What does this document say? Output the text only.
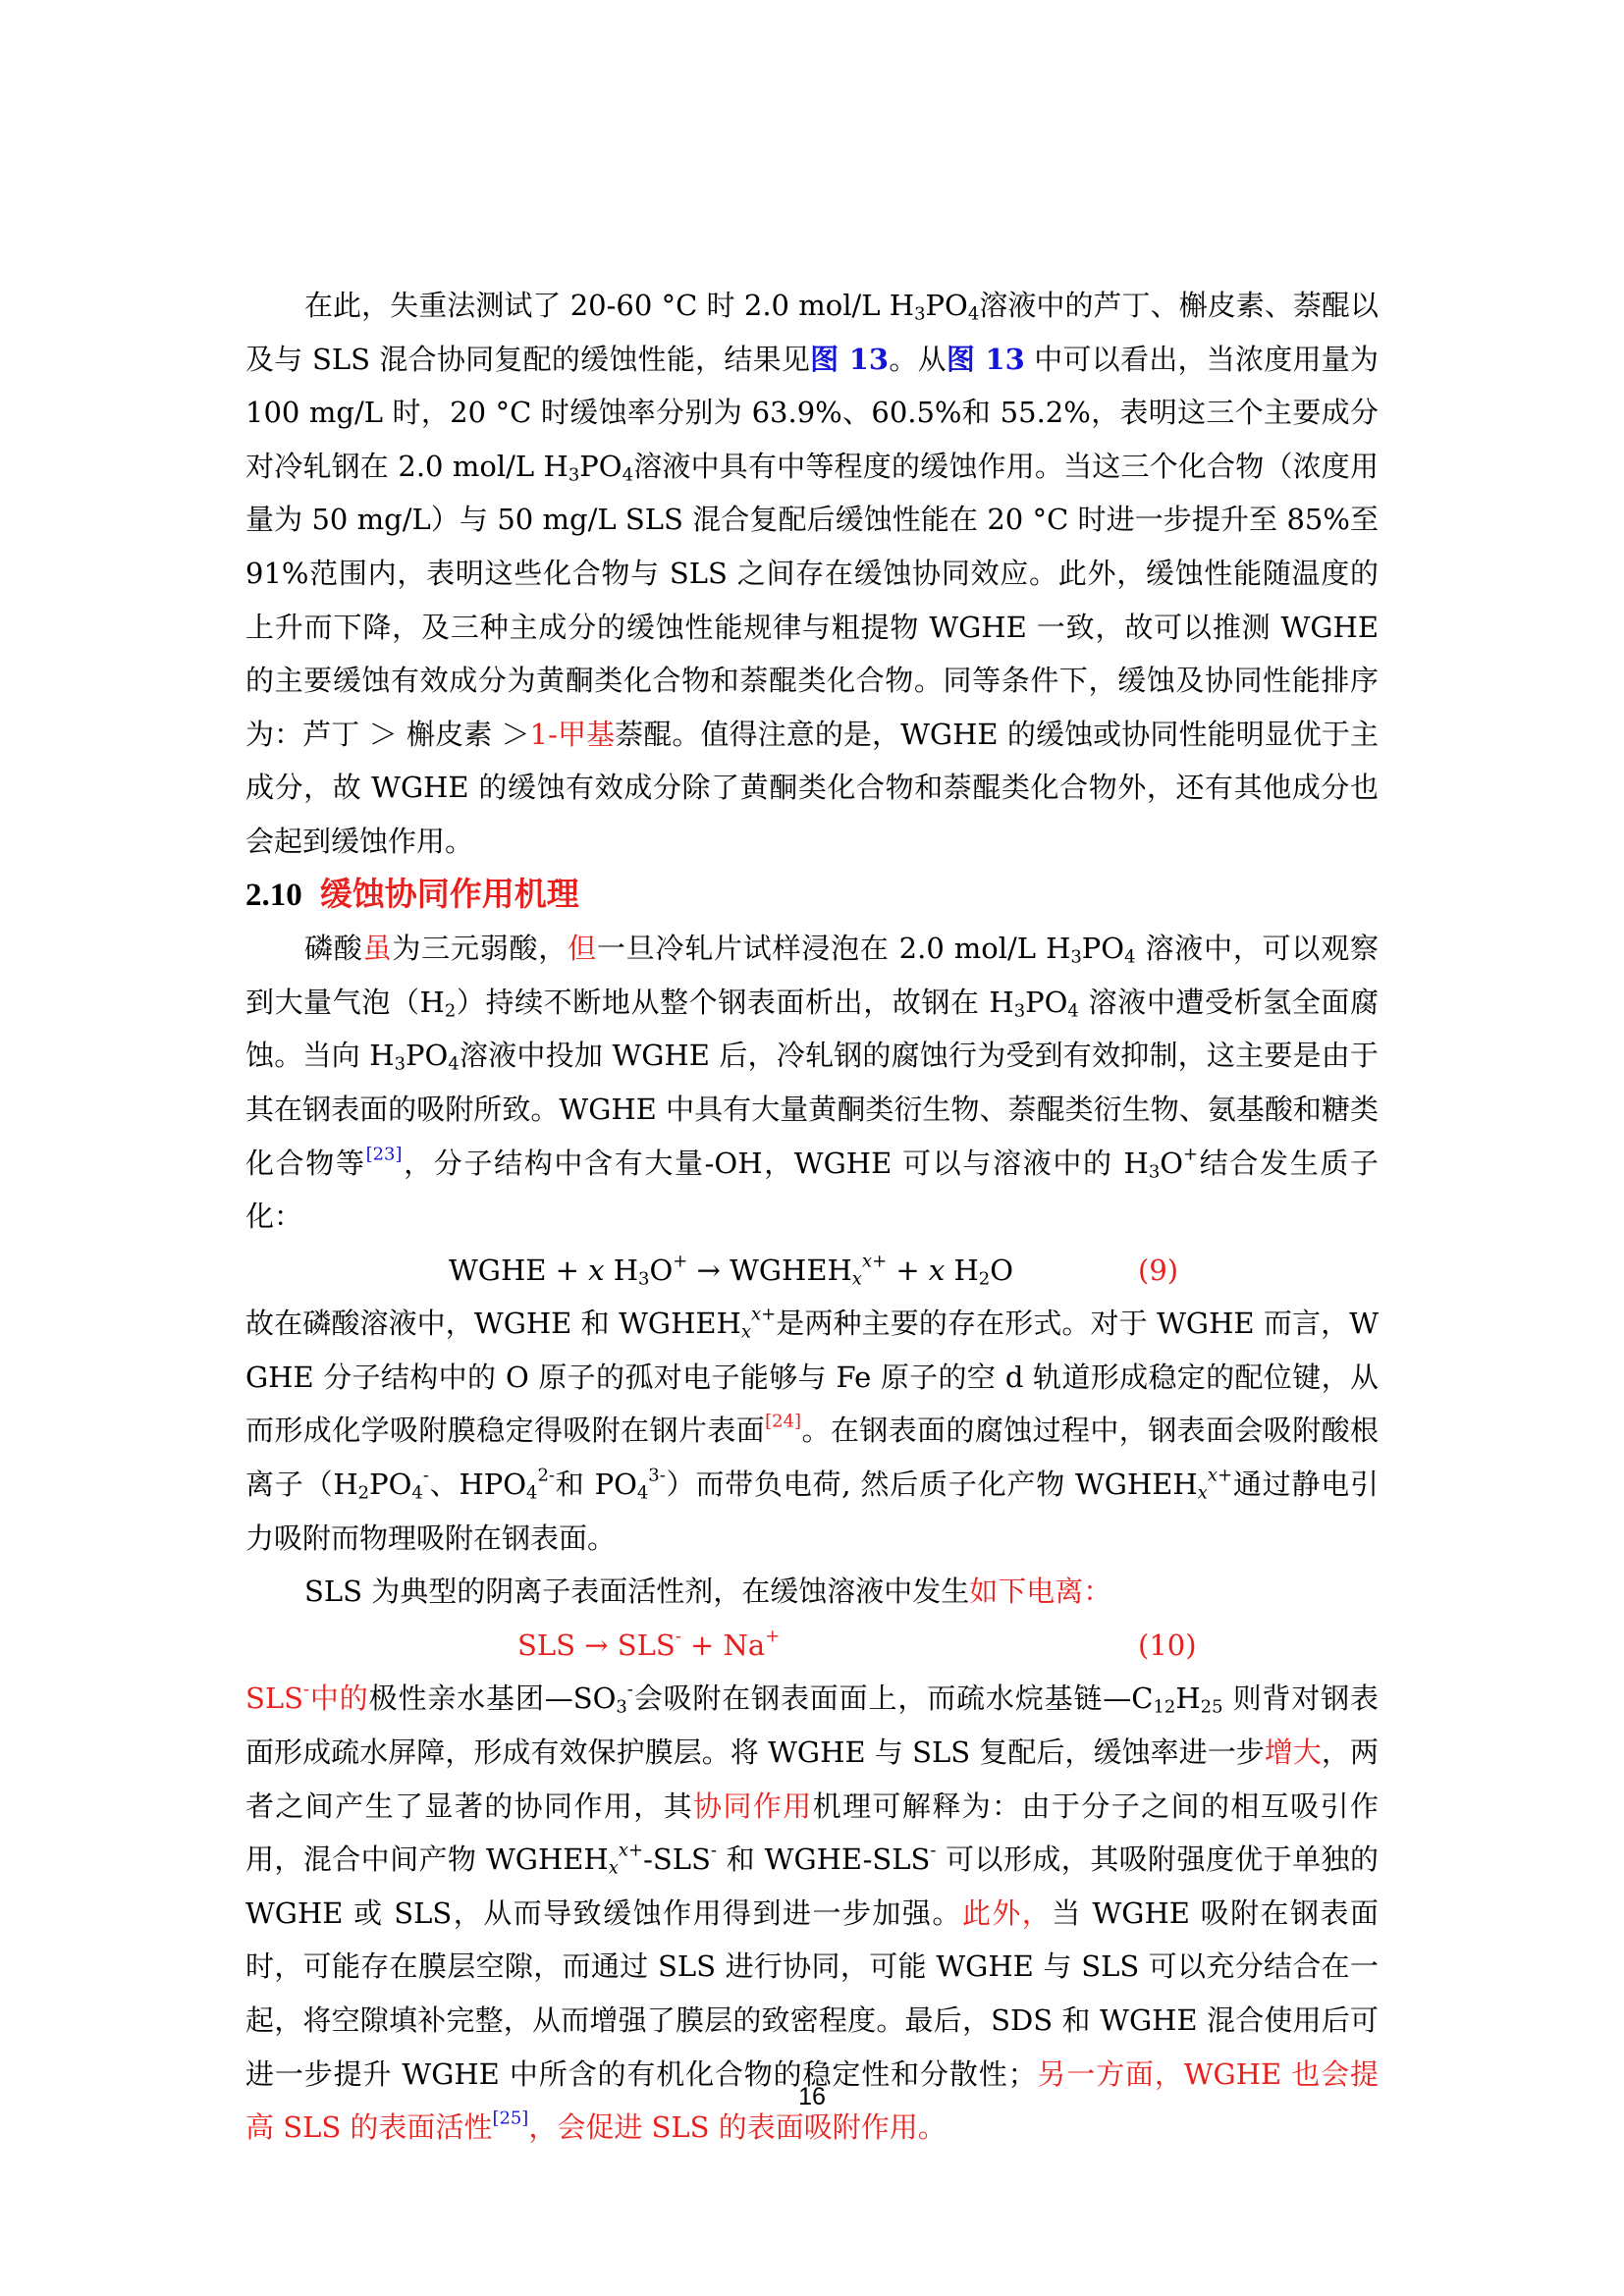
在此，失重法测试了 20-60 °C 时 2.0 mol/L $H_3PO_4$溶液中的芦丁、槲皮素、萘醌以及与 SLS 混合协同复配的缓蚀性能，结果见图 13。从图 13 中可以看出，当浓度用量为 100 mg/L 时，20 °C 时缓蚀率分别为 63.9%、60.5%和 55.2%，表明这三个主要成分对冷轧钢在 2.0 mol/L $H_3PO_4$溶液中具有中等程度的缓蚀作用。当这三个化合物（浓度用量为 50 mg/L）与 50 mg/L SLS 混合复配后缓蚀性能在 20 °C 时进一步提升至 85%至 91%范围内，表明这些化合物与 SLS 之间存在缓蚀协同效应。此外，缓蚀性能随温度的上升而下降，及三种主成分的缓蚀性能规律与粗提物 WGHE 一致，故可以推测 WGHE 的主要缓蚀有效成分为黄酮类化合物和萘醌类化合物。同等条件下，缓蚀及协同性能排序为：芦丁 ＞ 槲皮素 ＞1-甲基萘醌。值得注意的是，WGHE 的缓蚀或协同性能明显优于主成分，故 WGHE 的缓蚀有效成分除了黄酮类化合物和萘醌类化合物外，还有其他成分也会起到缓蚀作用。

2.10 缓蚀协同作用机理

磷酸虽为三元弱酸，但一旦冷轧片试样浸泡在 2.0 mol/L $H_3PO_4$ 溶液中，可以观察到大量气泡$(H_2)$持续不断地从整个钢表面析出，故钢在 $H_3PO_4$ 溶液中遭受析氢全面腐蚀。当向 $H_3PO_4$溶液中投加 WGHE 后，冷轧钢的腐蚀行为受到有效抑制，这主要是由于其在钢表面的吸附所致。WGHE 中具有大量黄酮类衍生物、萘醌类衍生物、氨基酸和糖类化合物等[23]，分子结构中含有大量-OH，WGHE 可以与溶液中的 $H_3O^+$结合发生质子化：

WGHE + x $H_3O^+$ → $WGHEH_x^{x+} + x$ $H_2O$	(9)

故在磷酸溶液中，WGHE 和 $WGHEH_x^{x+}$是两种主要的存在形式。对于 WGHE 而言，WGHE 分子结构中的 O 原子的孤对电子能够与 Fe 原子的空 d 轨道形成稳定的配位键，从而形成化学吸附膜稳定得吸附在钢片表面[24]。在钢表面的腐蚀过程中，钢表面会吸附酸根离子（$H_2PO_4^-$、$HPO_4^{2-}$和 $PO_4^{3-}$）而带负电荷, 然后质子化产物 $WGHEH_x^{x+}$通过静电引力吸附而物理吸附在钢表面。

SLS 为典型的阴离子表面活性剂，在缓蚀溶液中发生如下电离：

SLS → SLS- + Na+	(10)

SLS-中的极性亲水基团$—SO_3^-$会吸附在钢表面面上，而疏水烷基链$—C_{12}H_{25}$ 则背对钢表面形成疏水屏障，形成有效保护膜层。将 WGHE 与 SLS 复配后，缓蚀率进一步增大，两者之间产生了显著的协同作用，其协同作用机理可解释为：由于分子之间的相互吸引作用，混合中间产物 $WGHEH_x^{x+}-SLS^-$ 和 WGHE-SLS- 可以形成，其吸附强度优于单独的 WGHE 或 SLS，从而导致缓蚀作用得到进一步加强。此外，当 WGHE 吸附在钢表面时，可能存在膜层空隙，而通过 SLS 进行协同，可能 WGHE 与 SLS 可以充分结合在一起，将空隙填补完整，从而增强了膜层的致密程度。最后，SDS 和 WGHE 混合使用后可进一步提升 WGHE 中所含的有机化合物的稳定性和分散性；另一方面，WGHE 也会提高 SLS 的表面活性[25]，会促进 SLS 的表面吸附作用。

16
